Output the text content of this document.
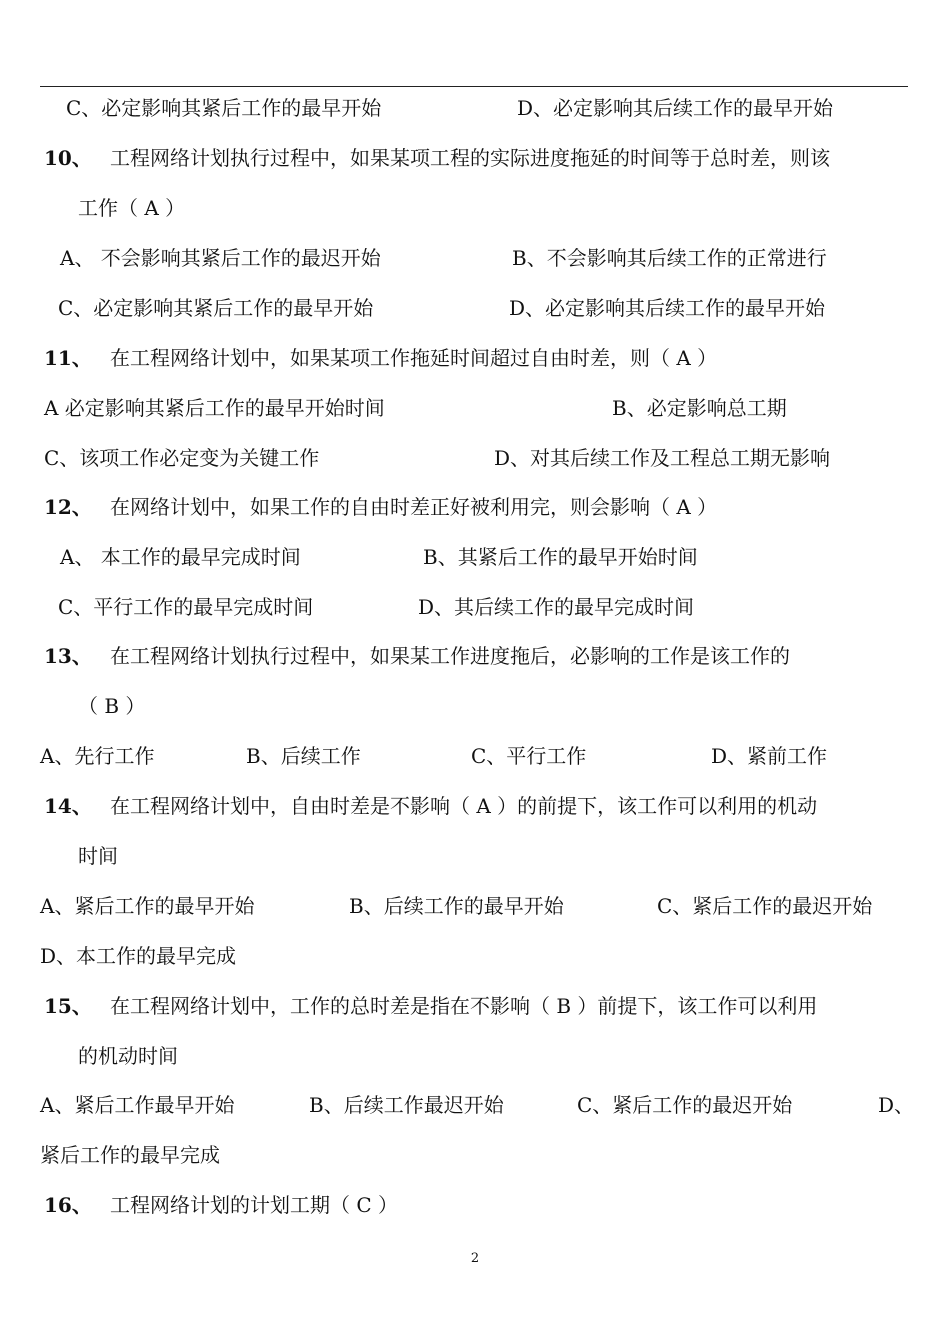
C、必定影响其紧后工作的最早开始	D、必定影响其后续工作的最早开始
10、 工程网络计划执行过程中，如果某项工程的实际进度拖延的时间等于总时差，则该
工作（ A ）
A、 不会影响其紧后工作的最迟开始	B、不会影响其后续工作的正常进行
C、必定影响其紧后工作的最早开始	D、必定影响其后续工作的最早开始
11、 在工程网络计划中，如果某项工作拖延时间超过自由时差，则（ A ）
A 必定影响其紧后工作的最早开始时间	B、必定影响总工期
C、该项工作必定变为关键工作	D、对其后续工作及工程总工期无影响
12、 在网络计划中，如果工作的自由时差正好被利用完，则会影响（ A ）
A、 本工作的最早完成时间	B、其紧后工作的最早开始时间
C、平行工作的最早完成时间	D、其后续工作的最早完成时间
13、 在工程网络计划执行过程中，如果某工作进度拖后，必影响的工作是该工作的
（ B ）
A、先行工作	B、后续工作	C、平行工作	D、紧前工作
14、 在工程网络计划中，自由时差是不影响（ A ）的前提下，该工作可以利用的机动
时间
A、紧后工作的最早开始	B、后续工作的最早开始	C、紧后工作的最迟开始
D、本工作的最早完成
15、 在工程网络计划中，工作的总时差是指在不影响（ B ）前提下，该工作可以利用
的机动时间
A、紧后工作最早开始	B、后续工作最迟开始	C、紧后工作的最迟开始	D、
紧后工作的最早完成
16、 工程网络计划的计划工期（ C ）
2
